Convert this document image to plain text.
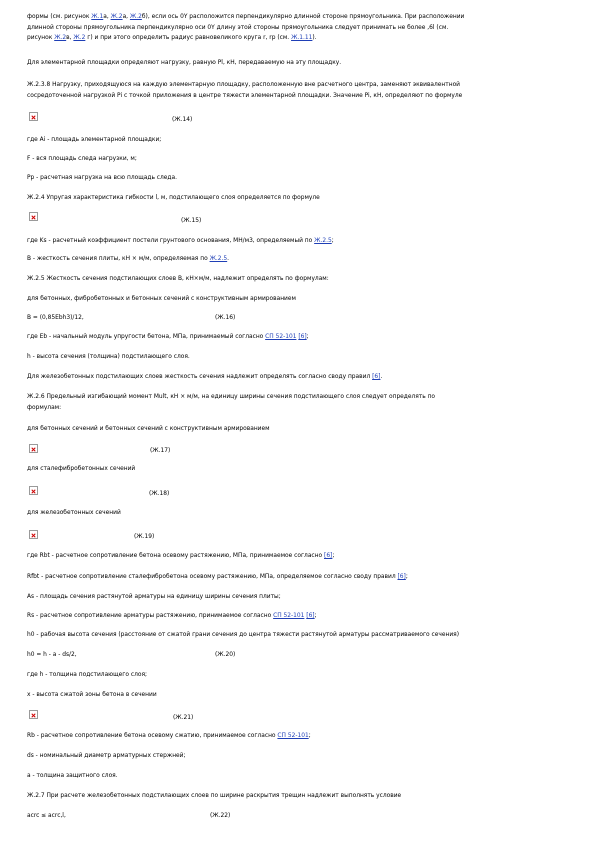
формы (см. рисунок Ж.1а, Ж.2а, Ж.2б), если ось 0Y расположится перпендикулярно длинной стороне прямоугольника. При расположении
длинной стороны прямоугольника перпендикулярно оси 0Y длину этой стороны прямоугольника следует принимать не более ,6l (см.
рисунок Ж.2в, Ж.2 г) и при этого определить радиус равновеликого круга r, rр (см. Ж.1.11).
Для элементарной площадки определяют нагрузку, равную Pl, кН, передаваемую на эту площадку.
Ж.2.3.8 Нагрузку, приходящуюся на каждую элементарную площадку, расположенную вне расчетного центра, заменяют эквивалентной
сосредоточенной нагрузкой Pi с точкой приложения в центре тяжести элементарной площадки. Значение Pi, кН, определяют по формуле
(Ж.14)
где Ai - площадь элементарной площадки;
F - вся площадь следа нагрузки, м;
Pp - расчетная нагрузка на всю площадь следа.
Ж.2.4 Упругая характеристика гибкости l, м, подстилающего слоя определяется по формуле
(Ж.15)
где Ks - расчетный коэффициент постели грунтового основания, МН/м3, определяемый по Ж.2.5;
B - жесткость сечения плиты, кН × м/м, определяемая по Ж.2.5.
Ж.2.5 Жесткость сечения подстилающих слоев B, кН×м/м, надлежит определять по формулам:
для бетонных, фибробетонных и бетонных сечений с конструктивным армированием
B = (0,85Ebh3)/12,	(Ж.16)
где Eb - начальный модуль упругости бетона, МПа, принимаемый согласно СП 52-101 [6];
h - высота сечения (толщина) подстилающего слоя.
Для железобетонных подстилающих слоев жесткость сечения надлежит определять согласно своду правил [6].
Ж.2.6 Предельный изгибающий момент Mult, кН × м/м, на единицу ширины сечения подстилающего слоя следует определять по
формулам:
для бетонных сечений и бетонных сечений с конструктивным армированием
(Ж.17)
для сталефибробетонных сечений
(Ж.18)
для железобетонных сечений
(Ж.19)
где Rbt - расчетное сопротивление бетона осевому растяжению, МПа, принимаемое согласно [6];
Rfbt - расчетное сопротивление сталефибробетона осевому растяжению, МПа, определяемое согласно своду правил [6];
As - площадь сечения растянутой арматуры на единицу ширины сечения плиты;
Rs - расчетное сопротивление арматуры растяжению, принимаемое согласно СП 52-101 [6];
h0 - рабочая высота сечения (расстояние от сжатой грани сечения до центра тяжести растянутой арматуры рассматриваемого сечения)
h0 = h - a - ds/2,	(Ж.20)
где h - толщина подстилающего слоя;
x - высота сжатой зоны бетона в сечении
(Ж.21)
Rb - расчетное сопротивление бетона осевому сжатию, принимаемое согласно СП 52-101;
ds - номинальный диаметр арматурных стержней;
a - толщина защитного слоя.
Ж.2.7 При расчете железобетонных подстилающих слоев по ширине раскрытия трещин надлежит выполнять условие
acrc ≤ acrc,l,	(Ж.22)
